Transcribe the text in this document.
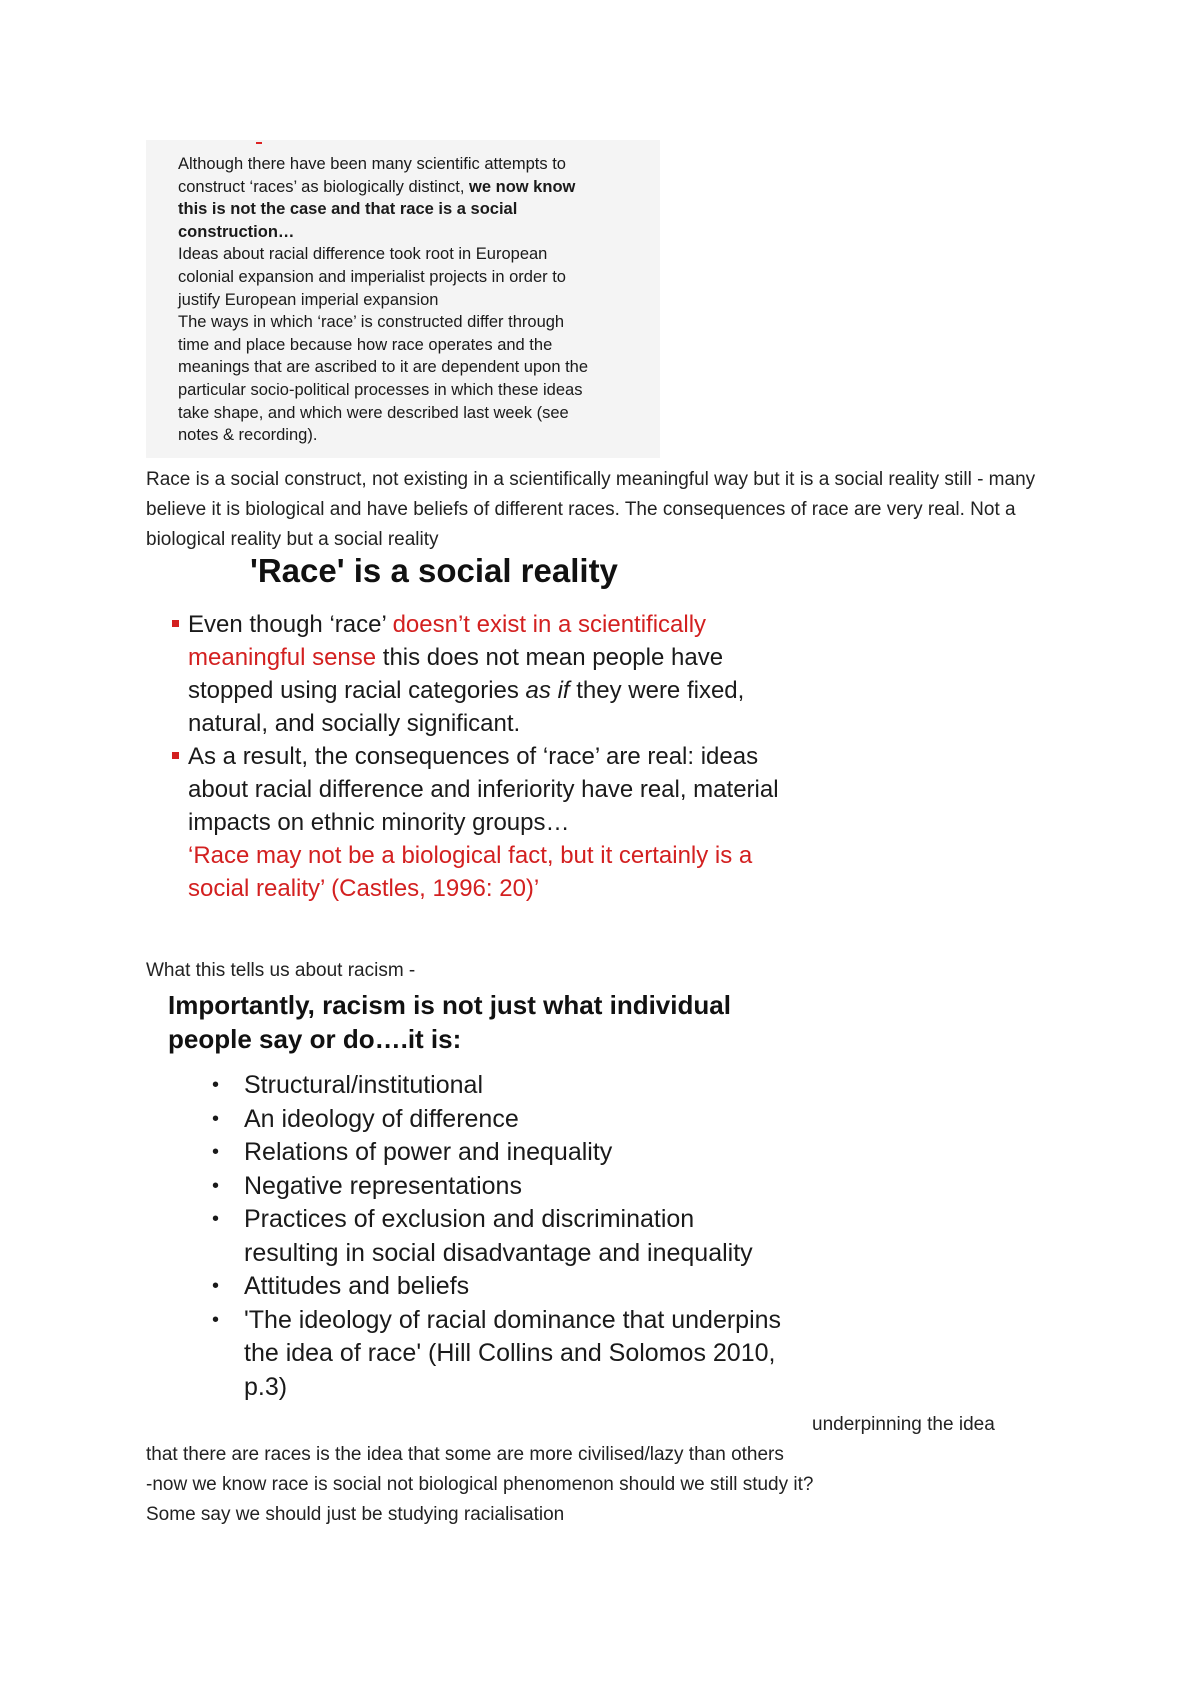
Although there have been many scientific attempts to
construct ‘races’ as biologically distinct, we now know
this is not the case and that race is a social
construction…
Ideas about racial difference took root in European
colonial expansion and imperialist projects in order to
justify European imperial expansion
The ways in which ‘race’ is constructed differ through
time and place because how race operates and the
meanings that are ascribed to it are dependent upon the
particular socio-political processes in which these ideas
take shape, and which were described last week (see
notes & recording).
Race is a social construct, not existing in a scientifically meaningful way but it is a social reality still - many believe it is biological and have beliefs of different races. The consequences of race are very real. Not a biological reality but a social reality
'Race' is a social reality
Even though ‘race’ doesn’t exist in a scientifically meaningful sense this does not mean people have stopped using racial categories as if they were fixed, natural, and socially significant.
As a result, the consequences of ‘race’ are real: ideas about racial difference and inferiority have real, material impacts on ethnic minority groups…
‘Race may not be a biological fact, but it certainly is a social reality’ (Castles, 1996: 20)’
What this tells us about racism -
Importantly, racism is not just what individual people say or do….it is:
• Structural/institutional
• An ideology of difference
• Relations of power and inequality
• Negative representations
• Practices of exclusion and discrimination resulting in social disadvantage and inequality
• Attitudes and beliefs
• 'The ideology of racial dominance that underpins the idea of race' (Hill Collins and Solomos 2010, p.3)
underpinning the idea
that there are races is the idea that some are more civilised/lazy than others
-now we know race is social not biological phenomenon should we still study it?
Some say we should just be studying racialisation
